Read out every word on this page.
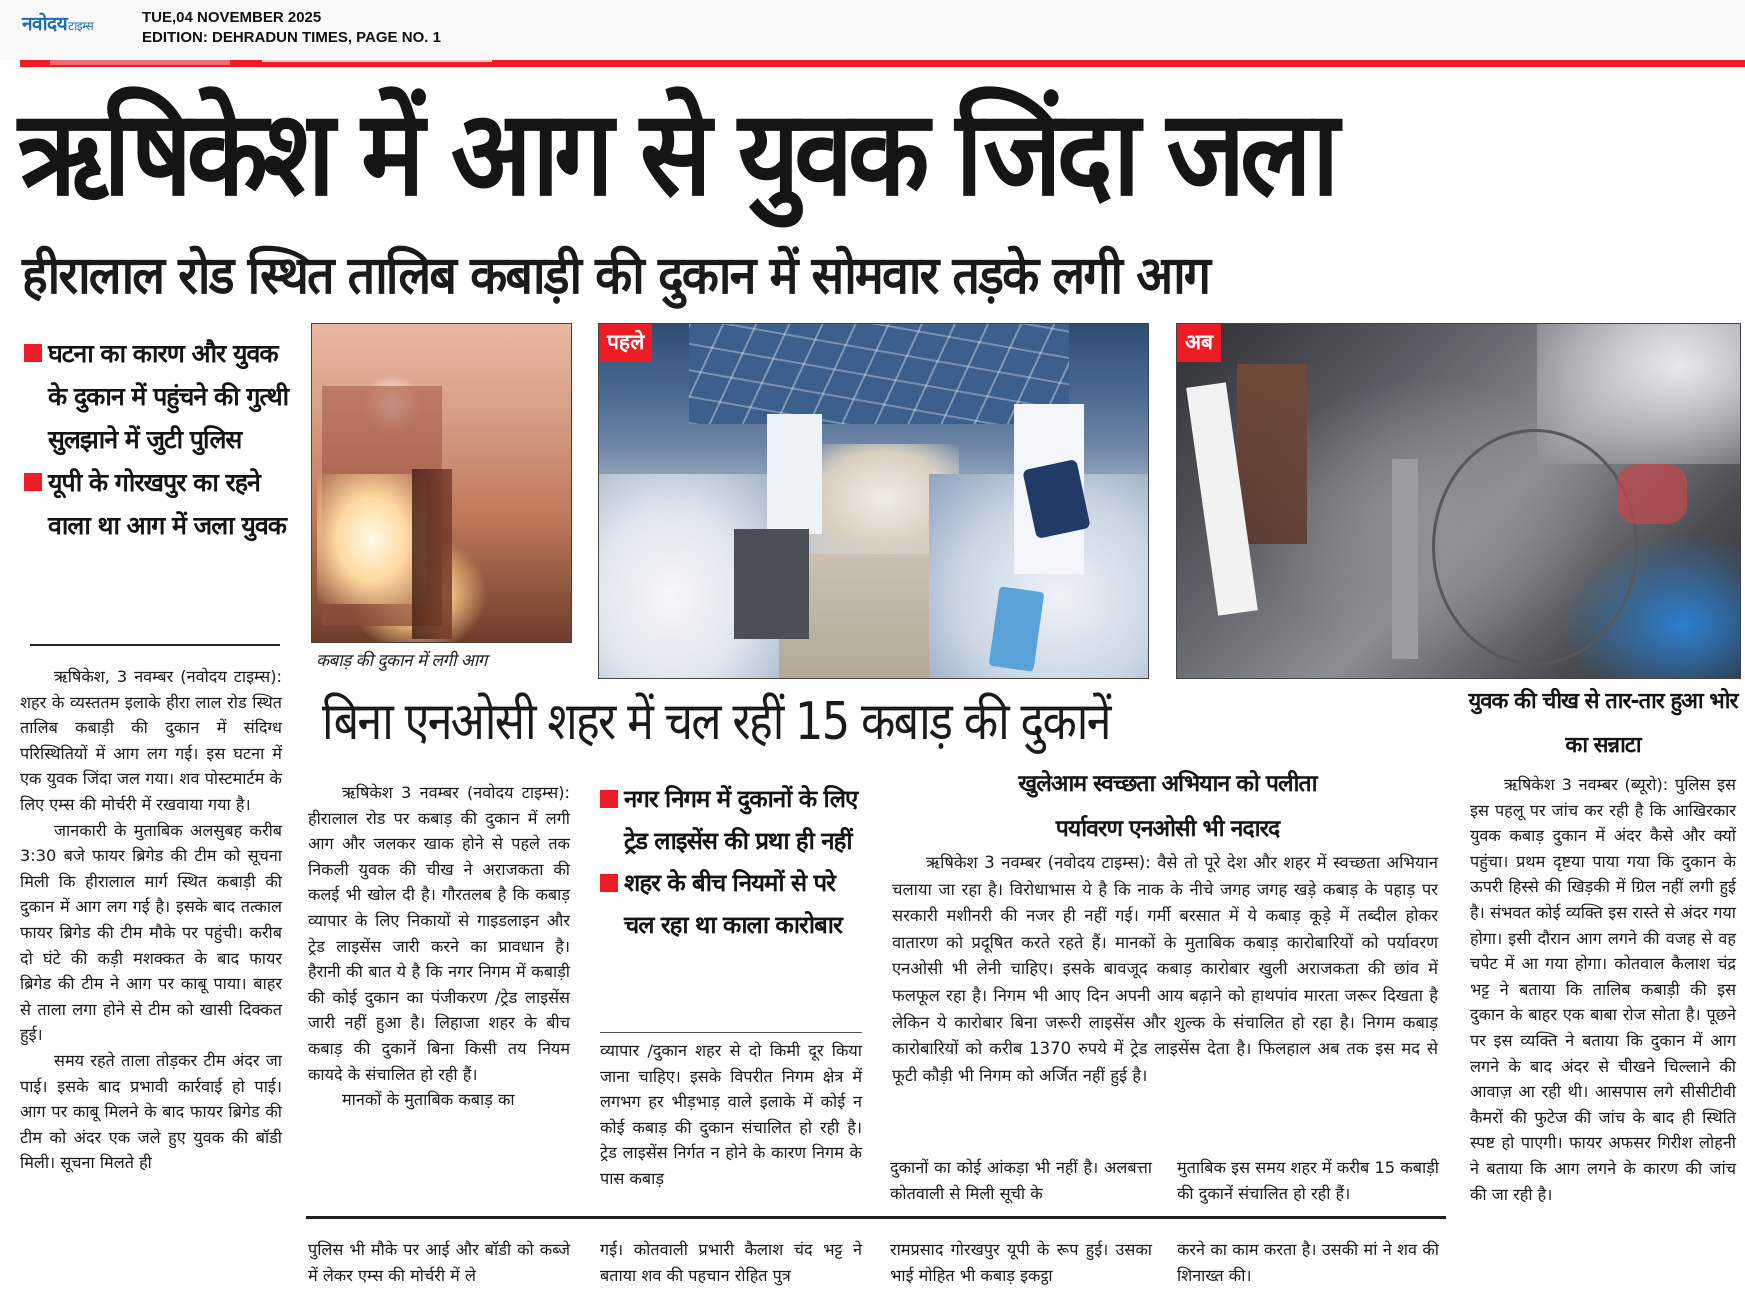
नवोदयटाइम्स	TUE,04 NOVEMBER 2025
EDITION: DEHRADUN TIMES, PAGE NO. 1
ऋषिकेश में आग से युवक जिंदा जला
हीरालाल रोड स्थित तालिब कबाड़ी की दुकान में सोमवार तड़के लगी आग
घटना का कारण और युवक के दुकान में पहुंचने की गुत्थी सुलझाने में जुटी पुलिस
यूपी के गोरखपुर का रहने वाला था आग में जला युवक

ऋषिकेश, 3 नवम्बर (नवोदय टाइम्स): शहर के व्यस्ततम इलाके हीरा लाल रोड स्थित तालिब कबाड़ी की दुकान में संदिग्ध परिस्थितियों में आग लग गई। इस घटना में एक युवक जिंदा जल गया। शव पोस्टमार्टम के लिए एम्स की मोर्चरी में रखवाया गया है।

जानकारी के मुताबिक अलसुबह करीब 3:30 बजे फायर ब्रिगेड की टीम को सूचना मिली कि हीरालाल मार्ग स्थित कबाड़ी की दुकान में आग लग गई है। इसके बाद तत्काल फायर ब्रिगेड की टीम मौके पर पहुंची। करीब दो घंटे की कड़ी मशक्कत के बाद फायर ब्रिगेड की टीम ने आग पर काबू पाया। बाहर से ताला लगा होने से टीम को खासी दिक्कत हुई।

समय रहते ताला तोड़कर टीम अंदर जा पाई। इसके बाद प्रभावी कार्रवाई हो पाई। आग पर काबू मिलने के बाद फायर ब्रिगेड की टीम को अंदर एक जले हुए युवक की बॉडी मिली। सूचना मिलते ही

कबाड़ की दुकान में लगी आग
पहले	अब
बिना एनओसी शहर में चल रहीं 15 कबाड़ की दुकानें

ऋषिकेश 3 नवम्बर (नवोदय टाइम्स): हीरालाल रोड पर कबाड़ की दुकान में लगी आग और जलकर खाक होने से पहले तक निकली युवक की चीख ने अराजकता की कलई भी खोल दी है। गौरतलब है कि कबाड़ व्यापार के लिए निकायों से गाइडलाइन और ट्रेड लाइसेंस जारी करने का प्रावधान है। हैरानी की बात ये है कि नगर निगम में कबाड़ी की कोई दुकान का पंजीकरण /ट्रेड लाइसेंस जारी नहीं हुआ है। लिहाजा शहर के बीच कबाड़ की दुकानें बिना किसी तय नियम कायदे के संचालित हो रही हैं।

मानकों के मुताबिक कबाड़ का

नगर निगम में दुकानों के लिए ट्रेड लाइसेंस की प्रथा ही नहीं
शहर के बीच नियमों से परे चल रहा था काला कारोबार

व्यापार /दुकान शहर से दो किमी दूर किया जाना चाहिए। इसके विपरीत निगम क्षेत्र में लगभग हर भीड़भाड़ वाले इलाके में कोई न कोई कबाड़ की दुकान संचालित हो रही है। ट्रेड लाइसेंस निर्गत न होने के कारण निगम के पास कबाड़

खुलेआम स्वच्छता अभियान को पलीता
पर्यावरण एनओसी भी नदारद

ऋषिकेश 3 नवम्बर (नवोदय टाइम्स): वैसे तो पूरे देश और शहर में स्वच्छता अभियान चलाया जा रहा है। विरोधाभास ये है कि नाक के नीचे जगह जगह खड़े कबाड़ के पहाड़ पर सरकारी मशीनरी की नजर ही नहीं गई। गर्मी बरसात में ये कबाड़ कूड़े में तब्दील होकर वातारण को प्रदूषित करते रहते हैं। मानकों के मुताबिक कबाड़ कारोबारियों को पर्यावरण एनओसी भी लेनी चाहिए। इसके बावजूद कबाड़ कारोबार खुली अराजकता की छांव में फलफूल रहा है। निगम भी आए दिन अपनी आय बढ़ाने को हाथपांव मारता जरूर दिखता है लेकिन ये कारोबार बिना जरूरी लाइसेंस और शुल्क के संचालित हो रहा है। निगम कबाड़ कारोबारियों को करीब 1370 रुपये में ट्रेड लाइसेंस देता है। फिलहाल अब तक इस मद से फूटी कौड़ी भी निगम को अर्जित नहीं हुई है।

दुकानों का कोई आंकड़ा भी नहीं है। अलबत्ता कोतवाली से मिली सूची के

मुताबिक इस समय शहर में करीब 15 कबाड़ी की दुकानें संचालित हो रही हैं।

पुलिस भी मौके पर आई और बॉडी को कब्जे में लेकर एम्स की मोर्चरी में ले

गई। कोतवाली प्रभारी कैलाश चंद भट्ट ने बताया शव की पहचान रोहित पुत्र

रामप्रसाद गोरखपुर यूपी के रूप हुई। उसका भाई मोहित भी कबाड़ इकट्ठा

करने का काम करता है। उसकी मां ने शव की शिनाख्त की।

युवक की चीख से तार-तार हुआ भोर का सन्नाटा

ऋषिकेश 3 नवम्बर (ब्यूरो): पुलिस इस इस पहलू पर जांच कर रही है कि आखिरकार युवक कबाड़ दुकान में अंदर कैसे और क्यों पहुंचा। प्रथम दृष्टया पाया गया कि दुकान के ऊपरी हिस्से की खिड़की में ग्रिल नहीं लगी हुई है। संभवत कोई व्यक्ति इस रास्ते से अंदर गया होगा। इसी दौरान आग लगने की वजह से वह चपेट में आ गया होगा। कोतवाल कैलाश चंद्र भट्ट ने बताया कि तालिब कबाड़ी की इस दुकान के बाहर एक बाबा रोज सोता है। पूछने पर इस व्यक्ति ने बताया कि दुकान में आग लगने के बाद अंदर से चीखने चिल्लाने की आवाज़ आ रही थी। आसपास लगे सीसीटीवी कैमरों की फुटेज की जांच के बाद ही स्थिति स्पष्ट हो पाएगी। फायर अफसर गिरीश लोहनी ने बताया कि आग लगने के कारण की जांच की जा रही है।
